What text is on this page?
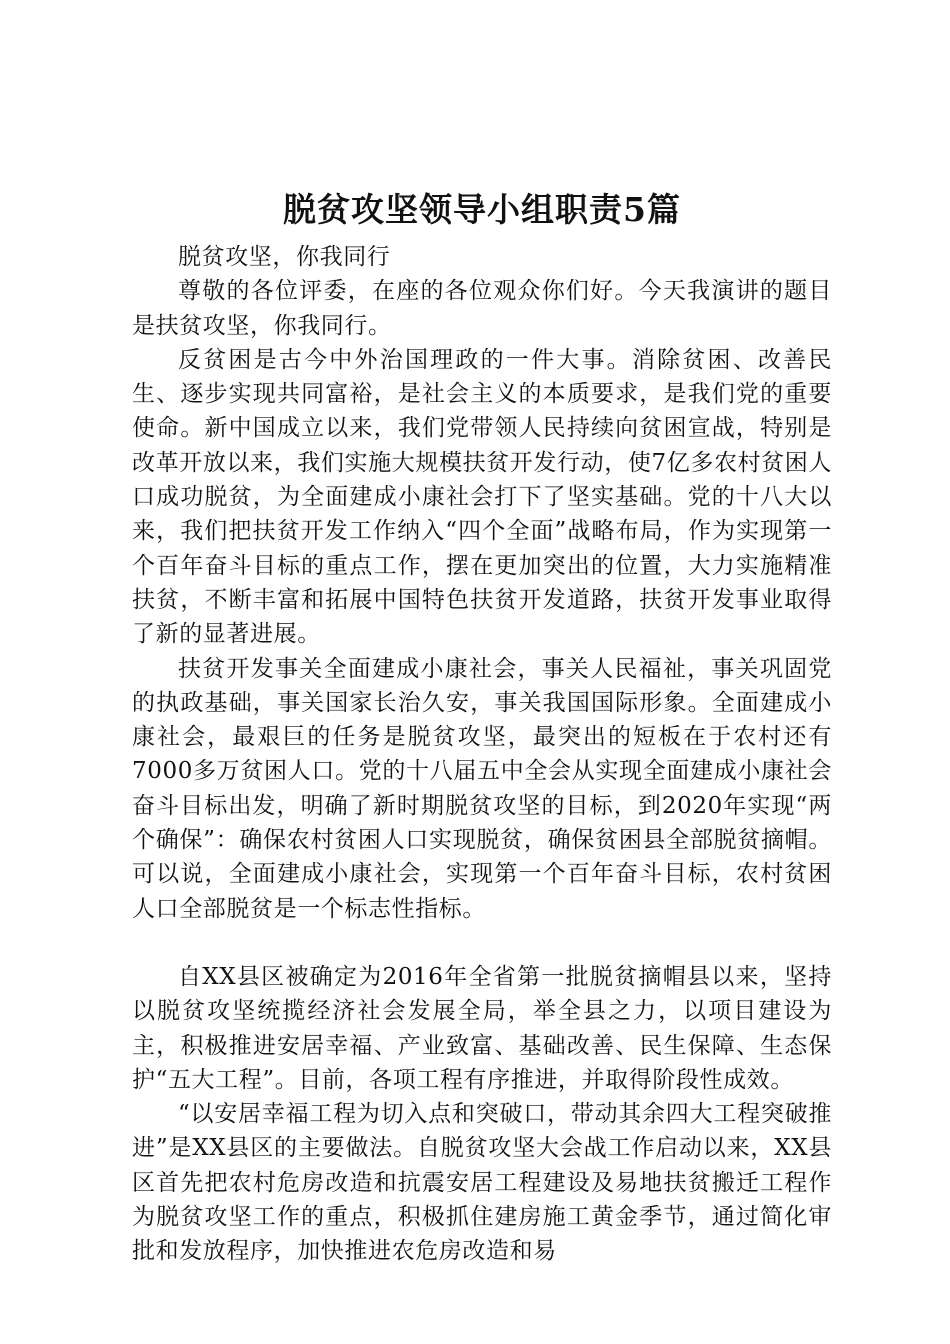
脱贫攻坚领导小组职责5篇

脱贫攻坚，你我同行

尊敬的各位评委，在座的各位观众你们好。今天我演讲的题目是扶贫攻坚，你我同行。

反贫困是古今中外治国理政的一件大事。消除贫困、改善民生、逐步实现共同富裕，是社会主义的本质要求，是我们党的重要使命。新中国成立以来，我们党带领人民持续向贫困宣战，特别是改革开放以来，我们实施大规模扶贫开发行动，使7亿多农村贫困人口成功脱贫，为全面建成小康社会打下了坚实基础。党的十八大以来，我们把扶贫开发工作纳入“四个全面”战略布局，作为实现第一个百年奋斗目标的重点工作，摆在更加突出的位置，大力实施精准扶贫，不断丰富和拓展中国特色扶贫开发道路，扶贫开发事业取得了新的显著进展。

扶贫开发事关全面建成小康社会，事关人民福祉，事关巩固党的执政基础，事关国家长治久安，事关我国国际形象。全面建成小康社会，最艰巨的任务是脱贫攻坚，最突出的短板在于农村还有7000多万贫困人口。党的十八届五中全会从实现全面建成小康社会奋斗目标出发，明确了新时期脱贫攻坚的目标，到2020年实现“两个确保”：确保农村贫困人口实现脱贫，确保贫困县全部脱贫摘帽。可以说，全面建成小康社会，实现第一个百年奋斗目标，农村贫困人口全部脱贫是一个标志性指标。

自XX县区被确定为2016年全省第一批脱贫摘帽县以来，坚持以脱贫攻坚统揽经济社会发展全局，举全县之力，以项目建设为主，积极推进安居幸福、产业致富、基础改善、民生保障、生态保护“五大工程”。目前，各项工程有序推进，并取得阶段性成效。

“以安居幸福工程为切入点和突破口，带动其余四大工程突破推进”是XX县区的主要做法。自脱贫攻坚大会战工作启动以来，XX县区首先把农村危房改造和抗震安居工程建设及易地扶贫搬迁工程作为脱贫攻坚工作的重点，积极抓住建房施工黄金季节，通过简化审批和发放程序，加快推进农危房改造和易
